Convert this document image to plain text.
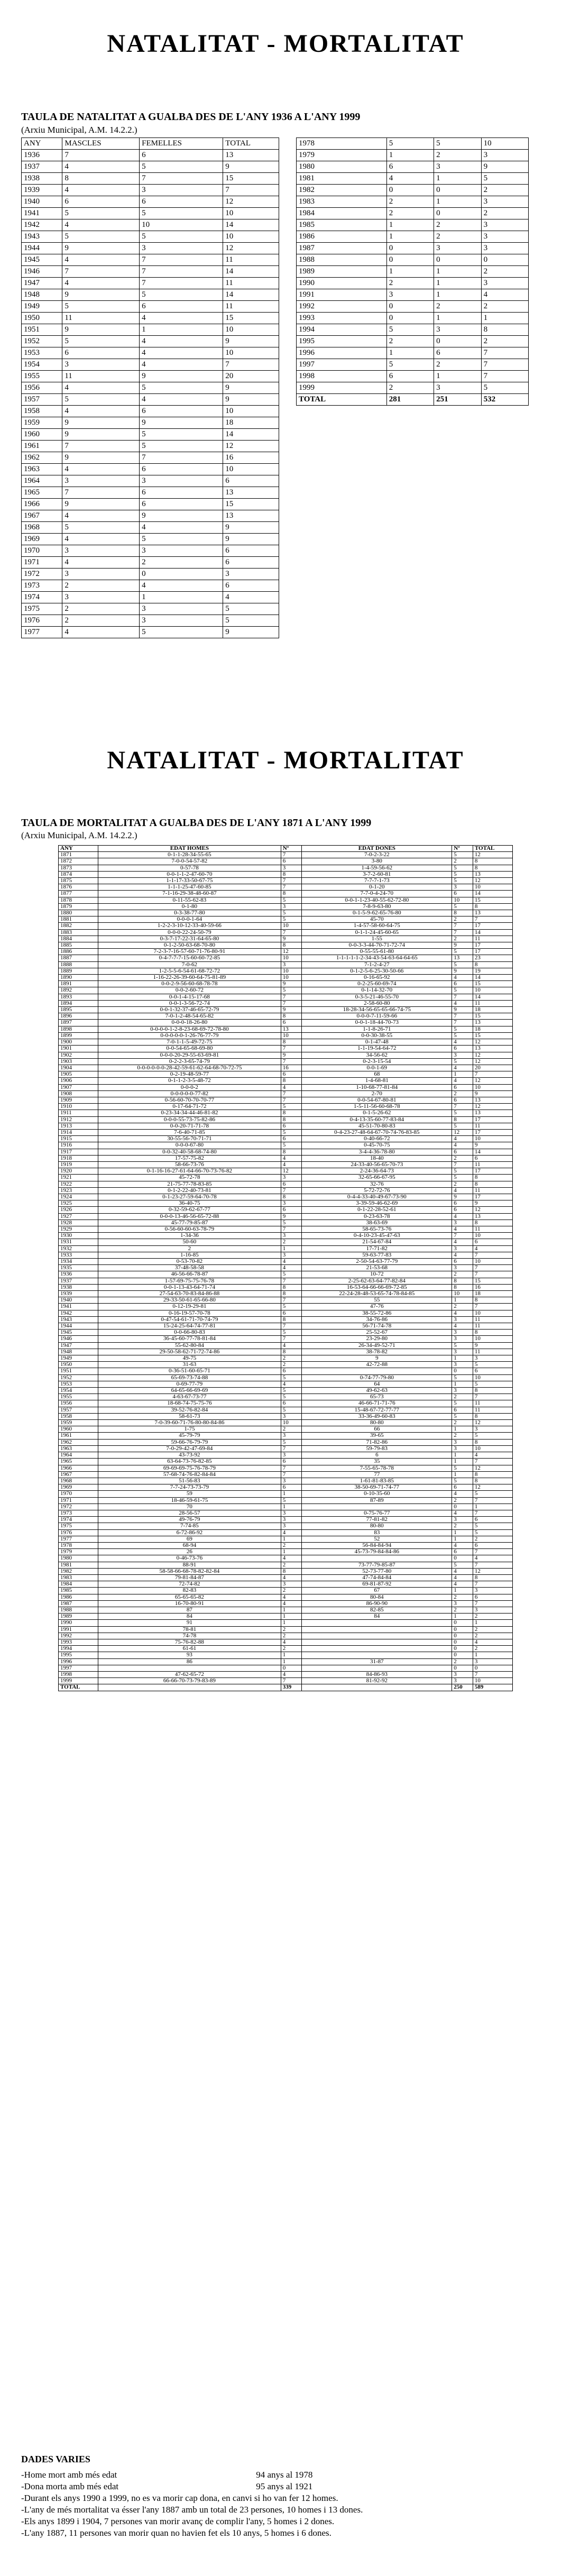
NATALITAT - MORTALITAT

TAULA DE NATALITAT A GUALBA DES DE L'ANY 1936 A L'ANY 1999

(Arxiu Municipal, A.M. 14.2.2.)

ANY	MASCLES	FEMELLES	TOTAL
1936	7	6	13
1937	4	5	9
1938	8	7	15
1939	4	3	7
1940	6	6	12
1941	5	5	10
1942	4	10	14
1943	5	5	10
1944	9	3	12
1945	4	7	11
1946	7	7	14
1947	4	7	11
1948	9	5	14
1949	5	6	11
1950	11	4	15
1951	9	1	10
1952	5	4	9
1953	6	4	10
1954	3	4	7
1955	11	9	20
1956	4	5	9
1957	5	4	9
1958	4	6	10
1959	9	9	18
1960	9	5	14
1961	7	5	12
1962	9	7	16
1963	4	6	10
1964	3	3	6
1965	7	6	13
1966	9	6	15
1967	4	9	13
1968	5	4	9
1969	4	5	9
1970	3	3	6
1971	4	2	6
1972	3	0	3
1973	2	4	6
1974	3	1	4
1975	2	3	5
1976	2	3	5
1977	4	5	9
1978	5	5	10
1979	1	2	3
1980	6	3	9
1981	4	1	5
1982	0	0	2
1983	2	1	3
1984	2	0	2
1985	1	2	3
1986	1	2	3
1987	0	3	3
1988	0	0	0
1989	1	1	2
1990	2	1	3
1991	3	1	4
1992	0	2	2
1993	0	1	1
1994	5	3	8
1995	2	0	2
1996	1	6	7
1997	5	2	7
1998	6	1	7
1999	2	3	5
TOTAL	281	251	532
NATALITAT - MORTALITAT

TAULA DE MORTALITAT A GUALBA DES DE L'ANY 1871 A L'ANY 1999

(Arxiu Municipal, A.M. 14.2.2.)

ANY	EDAT HOMES	Nº	EDAT DONES	Nº	TOTAL
1871	0-1-1-28-34-55-65	7	7-0-2-3-22	5	12
1872	7-0-0-54-57-82	6	3-80	2	8
1873	0-57-78	3	1-4-59-56-62	5	8
1874	0-0-1-1-2-47-60-70	8	3-7-2-60-81	5	13
1875	1-1-17-33-50-67-75	7	7-7-7-1-73	5	12
1876	1-1-1-25-47-60-85	7	0-1-20	3	10
1877	7-1-16-29-38-48-60-87	8	7-7-0-4-24-70	6	14
1878	0-11-55-62-83	5	0-0-1-1-23-40-55-62-72-80	10	15
1879	0-1-80	3	7-8-9-63-80	5	8
1880	0-3-38-77-80	5	0-1-5-9-62-65-76-80	8	13
1881	0-0-0-1-64	5	45-70	2	7
1882	1-2-2-3-10-12-33-40-59-66	10	1-4-57-58-60-64-75	7	17
1883	0-0-0-22-24-50-79	7	0-1-1-24-45-60-65	7	14
1884	0-3-7-17-22-31-64-65-80	9	1-55	2	11
1885	0-1-2-50-63-68-70-80	8	0-0-3-3-44-70-71-72-74	9	17
1886	7-2-3-7-16-57-60-71-76-80-91	12	0-55-55-61-80	5	17
1887	0-4-7-7-7-15-60-60-72-85	10	1-1-1-1-1-2-34-43-54-63-64-64-65	13	23
1888	7-0-62	3	7-1-2-4-27	5	8
1889	1-2-5-5-6-54-61-68-72-72	10	0-1-2-5-6-25-30-50-66	9	19
1890	1-16-22-26-39-60-64-75-81-89	10	0-16-65-92	4	14
1891	0-0-2-9-56-60-68-78-78	9	0-2-25-60-69-74	6	15
1892	0-0-2-60-72	5	0-1-14-32-70	5	10
1893	0-0-1-4-15-17-68	7	0-3-5-21-46-55-70	7	14
1894	0-0-1-3-56-72-74	7	2-58-60-80	4	11
1895	0-0-1-32-37-46-65-72-79	9	18-28-34-56-65-65-66-74-75	9	18
1896	7-0-1-2-48-54-65-82	8	0-0-0-7-11-59-66	7	15
1897	0-0-0-18-26-80	6	0-0-1-18-44-70-73	7	13
1898	0-0-0-0-1-2-8-23-68-69-72-78-80	13	1-1-8-26-71	5	18
1899	0-0-0-0-0-1-26-76-77-79	10	0-0-30-38-55	5	15
1900	7-0-1-1-5-49-72-75	8	0-1-47-48	4	12
1901	0-0-54-65-68-69-80	7	1-1-19-54-64-72	6	13
1902	0-0-0-20-29-55-63-69-81	9	34-56-62	3	12
1903	0-2-2-3-65-74-79	7	0-2-3-15-54	5	12
1904	0-0-0-0-0-0-28-42-59-61-62-64-68-70-72-75	16	0-0-1-69	4	20
1905	0-2-19-48-59-77	6	68	1	7
1906	0-1-1-2-3-5-48-72	8	1-4-68-81	4	12
1907	0-0-0-2	4	1-10-68-77-81-84	6	10
1908	0-0-0-0-0-77-82	7	2-70	2	9
1909	0-56-60-70-70-70-77	7	0-0-54-67-80-81	6	13
1910	0-17-64-71-72	5	1-5-11-56-60-68-78	7	12
1911	0-23-34-34-44-46-81-82	8	0-1-5-26-62	5	13
1912	0-0-0-55-73-75-82-86	8	0-4-13-35-60-77-83-84	8	17
1913	0-0-20-71-71-78	6	45-51-70-80-83	5	11
1914	7-6-40-71-85	5	0-4-23-27-48-64-67-70-74-76-83-85	12	17
1915	30-55-56-70-71-71	6	0-40-66-72	4	10
1916	0-0-0-67-80	5	0-45-70-75	4	9
1917	0-0-32-40-58-68-74-80	8	3-4-4-36-78-80	6	14
1918	17-57-75-82	4	18-40	2	6
1919	58-66-73-76	4	24-33-40-56-65-70-73	7	11
1920	0-1-16-16-27-61-64-66-70-73-76-82	12	2-24-36-64-73	5	17
1921	45-72-78	3	32-65-66-67-95	5	8
1922	21-75-77-78-83-85	6	32-76	2	8
1923	0-1-2-22-40-73-81	7	5-72-72-76	4	11
1924	0-1-23-27-59-64-70-78	8	0-4-4-33-40-49-67-73-90	9	17
1925	36-40-75	3	3-39-59-46-62-69	6	9
1926	0-32-59-62-67-77	6	0-1-22-28-52-61	6	12
1927	0-0-0-13-46-56-65-72-88	9	0-23-63-78	4	13
1928	45-77-79-85-87	5	38-63-69	3	8
1929	0-56-60-60-63-78-79	7	58-65-73-76	4	11
1930	1-34-36	3	0-4-10-23-45-47-63	7	10
1931	50-60	2	21-54-67-84	4	6
1932	2	1	17-71-82	3	4
1933	1-16-85	3	59-63-77-83	4	7
1934	0-53-70-82	4	2-50-54-63-77-79	6	10
1935	37-48-58-58	4	21-53-68	3	7
1936	46-56-66-78-87	5	10-72	2	7
1937	1-57-69-75-75-76-78	7	2-25-62-63-64-77-82-84	8	15
1938	0-0-1-13-43-64-71-74	8	16-53-64-66-66-69-72-85	8	16
1939	27-54-63-70-83-84-86-88	8	22-24-28-48-53-65-74-78-84-85	10	18
1940	29-33-50-61-65-66-80	7	55	1	8
1941	0-12-19-29-81	5	47-76	2	7
1942	0-16-19-57-70-78	6	38-55-72-86	4	10
1943	0-47-54-61-71-70-74-79	8	34-76-86	3	11
1944	15-24-25-64-74-77-81	7	56-71-74-78	4	11
1945	0-0-66-80-83	5	25-52-67	3	8
1946	36-45-60-77-78-81-84	7	23-29-80	3	10
1947	55-62-80-84	4	26-34-49-52-71	5	9
1948	29-50-58-62-71-72-74-86	8	38-78-82	3	11
1949	49-75	2	9	1	3
1950	31-63	2	42-72-88	3	5
1951	0-36-51-60-65-71	6		0	6
1952	65-69-73-74-88	5	0-74-77-79-80	5	10
1953	0-69-77-79	4	64	1	5
1954	64-65-66-69-69	5	49-62-63	3	8
1955	4-63-67-73-77	5	65-73	2	7
1956	18-68-74-75-75-76	6	46-66-71-71-76	5	11
1957	39-52-76-82-84	5	15-48-67-72-77-77	6	11
1958	58-61-73	3	33-36-49-60-83	5	8
1959	7-0-39-60-71-76-80-80-84-86	10	80-80	2	12
1960	1-75	2	66	1	3
1961	45-79-79	3	39-65	2	5
1962	59-66-76-79-79	5	71-82-86	3	8
1963	7-0-29-42-47-69-84	7	59-79-83	3	10
1964	43-73-92	3	6	1	4
1965	63-64-73-76-82-85	6	35	1	7
1966	69-69-69-75-76-78-79	7	7-55-65-78-78	5	12
1967	57-68-74-76-82-84-84	7	77	1	8
1968	51-56-83	3	1-61-81-83-85	5	8
1969	7-7-24-73-73-79	6	38-50-69-71-74-77	6	12
1970	59	1	0-10-35-60	4	5
1971	18-46-59-61-75	5	87-89	2	7
1972	70	1		0	1
1973	28-56-57	3	0-75-76-77	4	7
1974	49-76-79	3	77-81-82	3	6
1975	7-74-85	3	80-80	2	5
1976	6-72-86-92	4	83	1	5
1977	69	1	52	1	2
1978	68-94	2	56-84-84-94	4	6
1979	26	1	45-73-79-84-84-86	6	7
1980	0-46-73-76	4		0	4
1981	88-91	2	73-77-79-85-87	5	7
1982	58-58-66-68-78-82-82-84	8	52-73-77-80	4	12
1983	79-81-84-87	4	47-74-84-84	4	8
1984	72-74-82	3	69-81-87-92	4	7
1985	82-83	2	67	1	3
1986	65-65-65-82	4	80-84	2	6
1987	16-70-80-91	4	86-90-90	3	7
1988	87	1	82-85	2	3
1989	84	1	84	1	2
1990	91	1		0	1
1991	78-81	2		0	2
1992	74-78	2		0	2
1993	75-76-82-88	4		0	4
1994	61-61	2		0	2
1995	93	1		0	1
1996	86	1	31-87	2	3
1997		0		0	0
1998	47-62-65-72	4	84-86-93	3	7
1999	66-66-70-73-79-83-89	7	81-92-92	3	10
TOTAL		339		250	589
DADES VARIES
-Home mort amb més edat	94 anys al 1978
-Dona morta amb més edat	95 anys al 1921
-Durant els anys 1990 a 1999, no es va morir cap dona, en canvi si ho van fer 12 homes.
-L'any de més mortalitat va ésser l'any 1887 amb un total de 23 persones, 10 homes i 13 dones.
-Els anys 1899 i 1904, 7 persones van morir avanç de complir l'any, 5 homes i 2 dones.
-L'any 1887, 11 persones van morir quan no havien fet els 10 anys, 5 homes i 6 dones.
